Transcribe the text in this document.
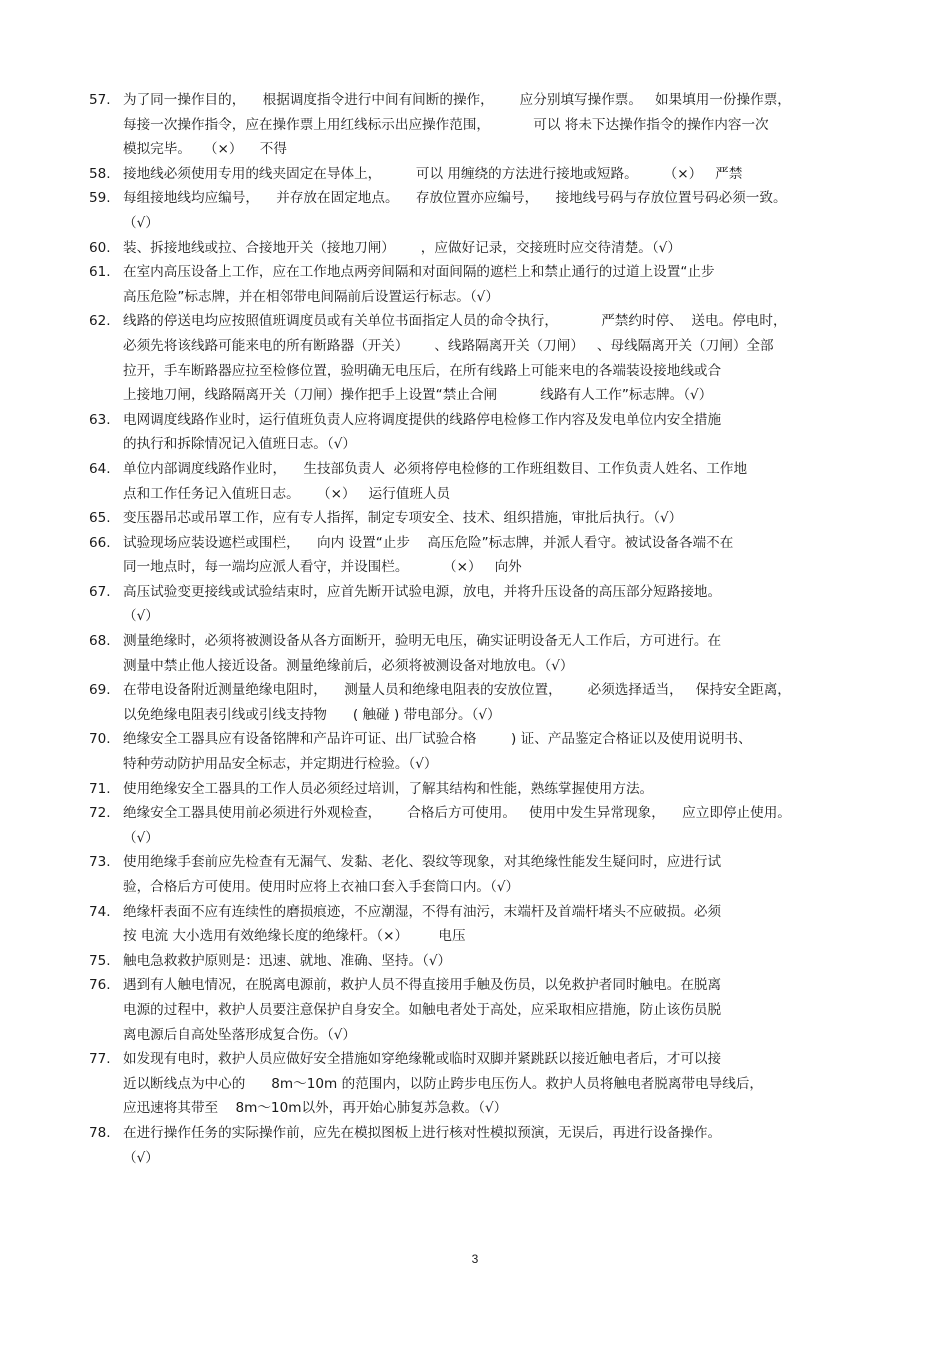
57. 为了同一操作目的，    根据调度指令进行中间有间断的操作，      应分别填写操作票。   如果填用一份操作票，
每接一次操作指令，应在操作票上用红线标示出应操作范围，          可以 将未下达操作指令的操作内容一次
模拟完毕。   （×）    不得
58. 接地线必须使用专用的线夹固定在导体上，        可以 用缠绕的方法进行接地或短路。      （×）   严禁
59. 每组接地线均应编号，    并存放在固定地点。    存放位置亦应编号，    接地线号码与存放位置号码必须一致。
（√）
60. 装、拆接地线或拉、合接地开关（接地刀闸）      ，应做好记录，交接班时应交待清楚。（√）
61. 在室内高压设备上工作，应在工作地点两旁间隔和对面间隔的遮栏上和禁止通行的过道上设置“止步
高压危险”标志牌，并在相邻带电间隔前后设置运行标志。（√）
62. 线路的停送电均应按照值班调度员或有关单位书面指定人员的命令执行，          严禁约时停、  送电。停电时，
必须先将该线路可能来电的所有断路器（开关）      、线路隔离开关（刀闸）   、母线隔离开关（刀闸）全部
拉开，手车断路器应拉至检修位置，验明确无电压后，在所有线路上可能来电的各端装设接地线或合
上接地刀闸，线路隔离开关（刀闸）操作把手上设置“禁止合闸          线路有人工作”标志牌。（√）
63. 电网调度线路作业时，运行值班负责人应将调度提供的线路停电检修工作内容及发电单位内安全措施
的执行和拆除情况记入值班日志。（√）
64. 单位内部调度线路作业时，    生技部负责人  必须将停电检修的工作班组数目、工作负责人姓名、工作地
点和工作任务记入值班日志。    （×）   运行值班人员
65. 变压器吊芯或吊罩工作，应有专人指挥，制定专项安全、技术、组织措施，审批后执行。（√）
66. 试验现场应装设遮栏或围栏，    向内 设置“止步    高压危险”标志牌，并派人看守。被试设备各端不在
同一地点时，每一端均应派人看守，并设围栏。        （×）   向外
67. 高压试验变更接线或试验结束时，应首先断开试验电源，放电，并将升压设备的高压部分短路接地。
（√）
68. 测量绝缘时，必须将被测设备从各方面断开，验明无电压，确实证明设备无人工作后，方可进行。在
测量中禁止他人接近设备。测量绝缘前后，必须将被测设备对地放电。（√）
69. 在带电设备附近测量绝缘电阻时，    测量人员和绝缘电阻表的安放位置，      必须选择适当，   保持安全距离，
以免绝缘电阻表引线或引线支持物      ( 触碰 ) 带电部分。（√）
70. 绝缘安全工器具应有设备铭牌和产品许可证、出厂试验合格        ) 证、产品鉴定合格证以及使用说明书、
特种劳动防护用品安全标志，并定期进行检验。（√）
71. 使用绝缘安全工器具的工作人员必须经过培训，了解其结构和性能，熟练掌握使用方法。
72. 绝缘安全工器具使用前必须进行外观检查，      合格后方可使用。   使用中发生异常现象，    应立即停止使用。
（√）
73. 使用绝缘手套前应先检查有无漏气、发黏、老化、裂纹等现象，对其绝缘性能发生疑问时，应进行试
验，合格后方可使用。使用时应将上衣袖口套入手套筒口内。（√）
74. 绝缘杆表面不应有连续性的磨损痕迹，不应潮湿，不得有油污，末端杆及首端杆堵头不应破损。必须
按 电流 大小选用有效绝缘长度的绝缘杆。（×）       电压
75. 触电急救救护原则是：迅速、就地、准确、坚持。（√）
76. 遇到有人触电情况，在脱离电源前，救护人员不得直接用手触及伤员，以免救护者同时触电。在脱离
电源的过程中，救护人员要注意保护自身安全。如触电者处于高处，应采取相应措施，防止该伤员脱
离电源后自高处坠落形成复合伤。（√）
77. 如发现有电时，救护人员应做好安全措施如穿绝缘靴或临时双脚并紧跳跃以接近触电者后，才可以接
近以断线点为中心的      8m～10m 的范围内，以防止跨步电压伤人。救护人员将触电者脱离带电导线后，
应迅速将其带至    8m～10m以外，再开始心肺复苏急救。（√）
78. 在进行操作任务的实际操作前，应先在模拟图板上进行核对性模拟预演，无误后，再进行设备操作。
（√）
3
